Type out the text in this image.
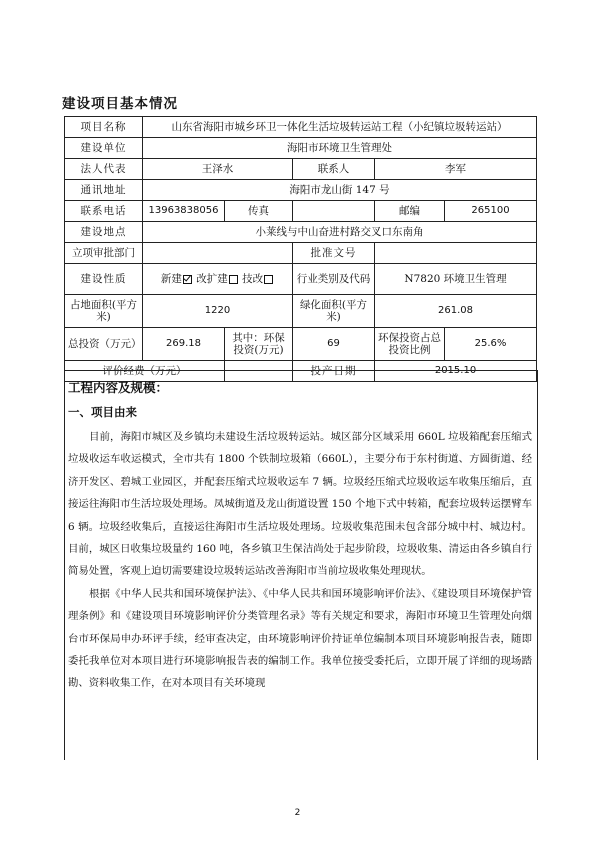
建设项目基本情况
项目名称	山东省海阳市城乡环卫一体化生活垃圾转运站工程（小纪镇垃圾转运站）				
建设单位	海阳市环境卫生管理处				
法人代表	王泽水		联系人	李军	
通讯地址	海阳市龙山街 147 号				
联系电话	13963838056	传真		邮编	265100
建设地点	小莱线与中山奋进村路交叉口东南角				
立项审批部门			批准文号		
建设性质	新建 改扩建 技改		行业类别及代码	N7820 环境卫生管理	
占地面积(平方米)	1220		绿化面积(平方米)	261.08	
总投资（万元）	269.18	其中：环保投资(万元)	69	环保投资占总投资比例	25.6%
评价经费（万元）			投产日期	2015.10	
工程内容及规模：
一、项目由来

目前，海阳市城区及乡镇均未建设生活垃圾转运站。城区部分区域采用 660L 垃圾箱配套压缩式垃圾收运车收运模式，全市共有 1800 个铁制垃圾箱（660L），主要分布于东村街道、方圆街道、经济开发区、碧城工业园区，并配套压缩式垃圾收运车 7 辆。垃圾经压缩式垃圾收运车收集压缩后，直接运往海阳市生活垃圾处理场。凤城街道及龙山街道设置 150 个地下式中转箱，配套垃圾转运摆臂车 6 辆。垃圾经收集后，直接运往海阳市生活垃圾处理场。垃圾收集范围未包含部分城中村、城边村。目前，城区日收集垃圾量约 160 吨，各乡镇卫生保洁尚处于起步阶段，垃圾收集、清运由各乡镇自行简易处置，客观上迫切需要建设垃圾转运站改善海阳市当前垃圾收集处理现状。

根据《中华人民共和国环境保护法》、《中华人民共和国环境影响评价法》、《建设项目环境保护管理条例》和《建设项目环境影响评价分类管理名录》等有关规定和要求，海阳市环境卫生管理处向烟台市环保局申办环评手续，经审查决定，由环境影响评价持证单位编制本项目环境影响报告表，随即委托我单位对本项目进行环境影响报告表的编制工作。我单位接受委托后，立即开展了详细的现场踏勘、资料收集工作，在对本项目有关环境现

2
